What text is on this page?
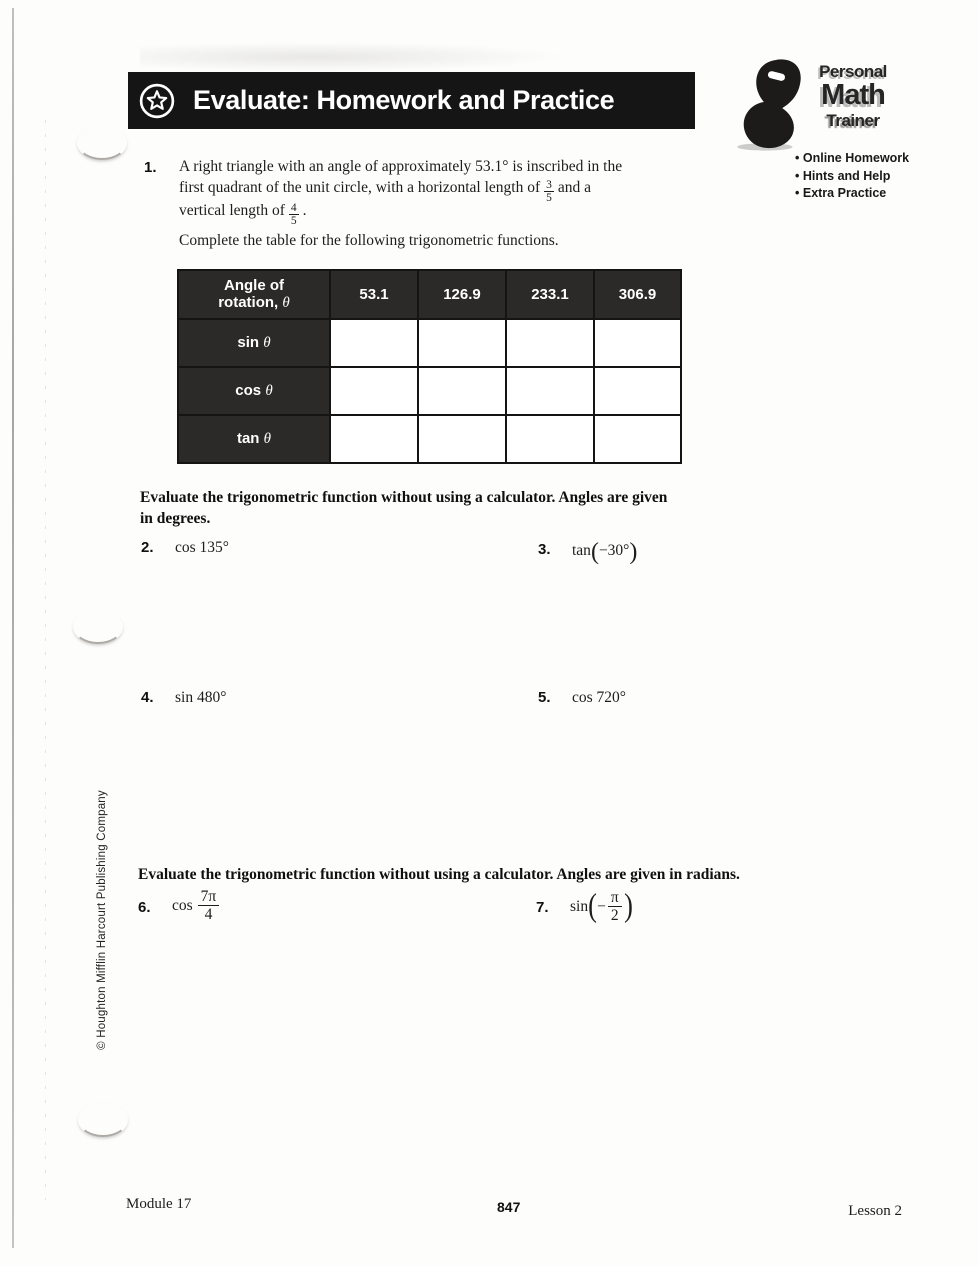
Evaluate: Homework and Practice
Personal
Math
Trainer
• Online Homework
• Hints and Help
• Extra Practice
1. A right triangle with an angle of approximately 53.1° is inscribed in the
first quadrant of the unit circle, with a horizontal length of $\frac{3}{5}$ and a
vertical length of $\frac{4}{5}$ .
Complete the table for the following trigonometric functions.
Angle of
rotation, θ	53.1	126.9	233.1	306.9
sin θ				
cos θ				
tan θ				
Evaluate the trigonometric function without using a calculator. Angles are given
in degrees.
2. cos 135°	3. tan(−30°)
4. sin 480°	5. cos 720°
Evaluate the trigonometric function without using a calculator. Angles are given in radians.
6. $\cos \frac{7\pi}{4}$	7. sin ( − $\frac{\pi}{2}$ )
© Houghton Mifflin Harcourt Publishing Company
Module 17	847	Lesson 2
